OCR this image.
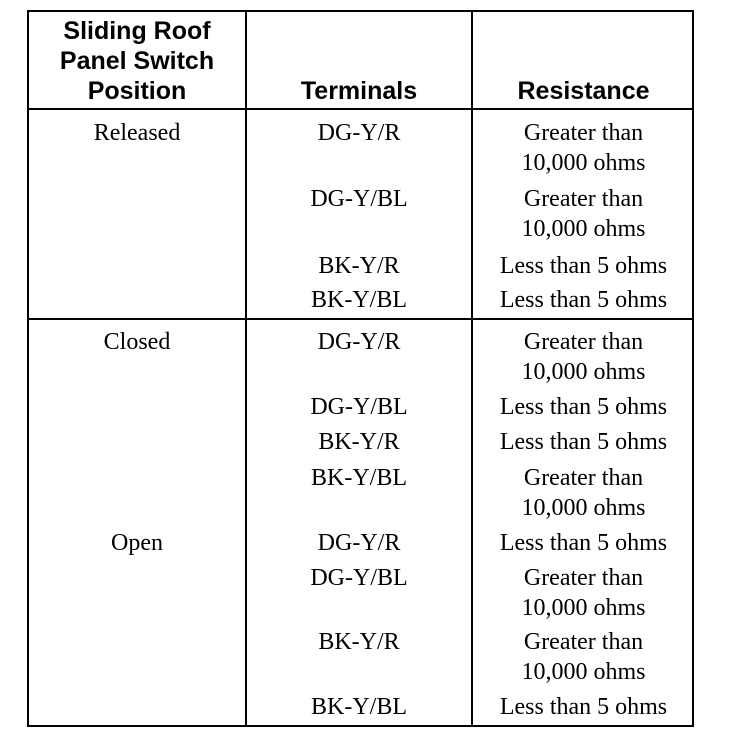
Sliding Roof
Panel Switch
Position	Terminals	Resistance
Released	DG-Y/R	Greater than
10,000 ohms
DG-Y/BL	Greater than
10,000 ohms
BK-Y/R	Less than 5 ohms
BK-Y/BL	Less than 5 ohms
Closed	DG-Y/R	Greater than
10,000 ohms
DG-Y/BL	Less than 5 ohms
BK-Y/R	Less than 5 ohms
BK-Y/BL	Greater than
10,000 ohms
Open	DG-Y/R	Less than 5 ohms
DG-Y/BL	Greater than
10,000 ohms
BK-Y/R	Greater than
10,000 ohms
BK-Y/BL	Less than 5 ohms
